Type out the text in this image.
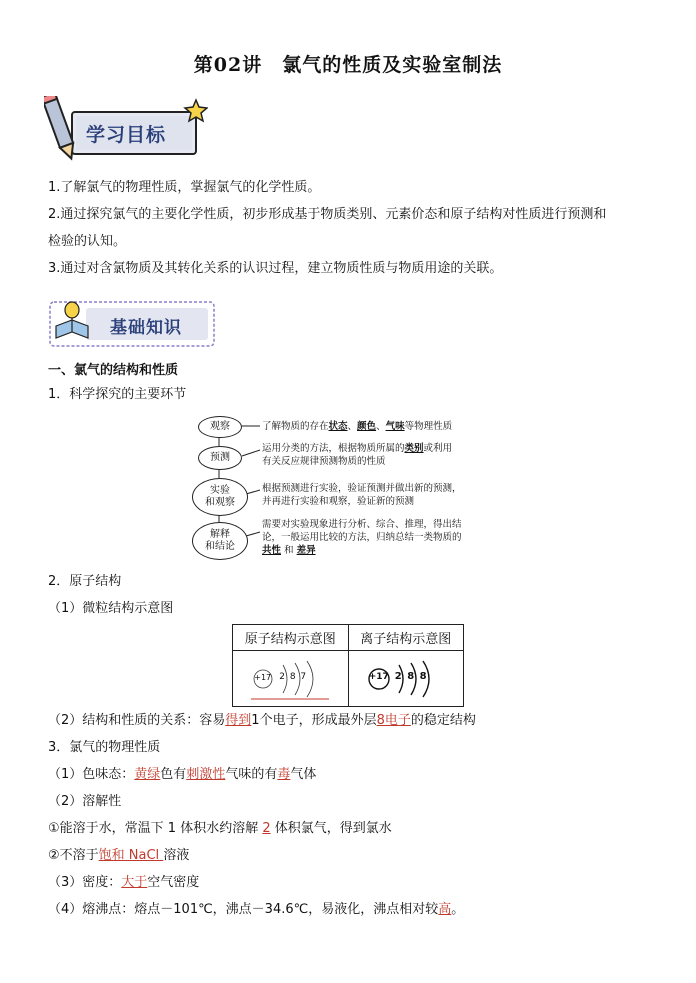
第02讲　氯气的性质及实验室制法
学习目标
1.了解氯气的物理性质，掌握氯气的化学性质。
2.通过探究氯气的主要化学性质，初步形成基于物质类别、元素价态和原子结构对性质进行预测和
检验的认知。
3.通过对含氯物质及其转化关系的认识过程，建立物质性质与物质用途的关联。
基础知识
一、氯气的结构和性质
1．科学探究的主要环节
观察
预测
实验
和观察
解释
和结论
了解物质的存在状态、颜色、气味等物理性质
运用分类的方法，根据物质所属的类别或利用
有关反应规律预测物质的性质
根据预测进行实验，验证预测并做出新的预测，
并再进行实验和观察，验证新的预测
需要对实验现象进行分析、综合、推理，得出结
论，一般运用比较的方法，归纳总结一类物质的
共性 和 差异
2．原子结构
（1）微粒结构示意图
原子结构示意图	离子结构示意图

+17 2 8 7	+17 2 8 8
（2）结构和性质的关系：容易得到1个电子，形成最外层8电子的稳定结构
3．氯气的物理性质
（1）色味态：黄绿色有刺激性气味的有毒气体
（2）溶解性
①能溶于水，常温下 1 体积水约溶解 2 体积氯气，得到氯水
②不溶于饱和 NaCl 溶液
（3）密度：大于空气密度
（4）熔沸点：熔点－101℃，沸点－34.6℃，易液化，沸点相对较高。
